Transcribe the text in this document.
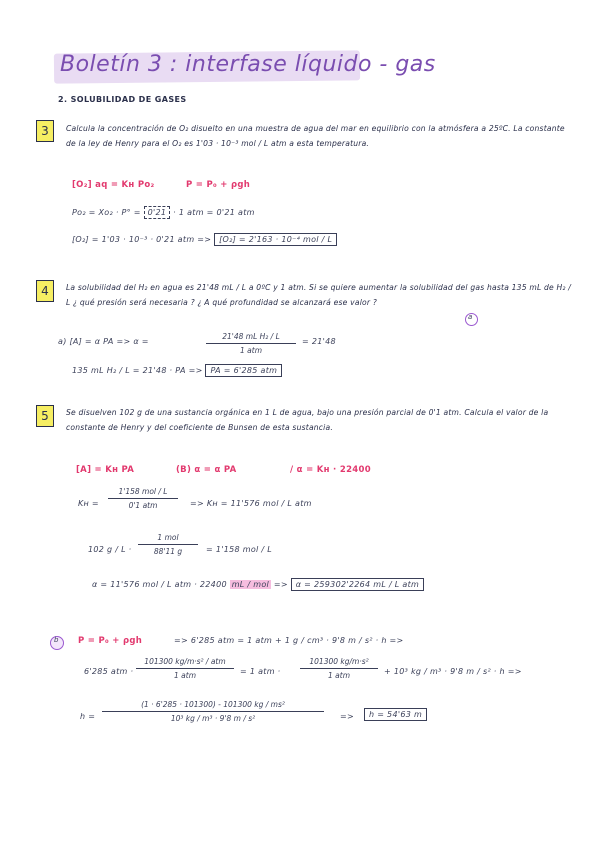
Boletín 3 : interfase líquido - gas
2. SOLUBILIDAD DE GASES
3	Calcula la concentración de O₂ disuelto en una muestra de agua del mar en equilibrio con la atmósfera a 25ºC. La constante de la ley de Henry para el O₂ es 1'03 · 10⁻³ mol / L atm a esta temperatura.
[O₂] aq = Kн Pо₂	P = P₀ + ρgh
Pо₂ = Xо₂ · P° = 0'21 · 1 atm = 0'21 atm
[O₂] = 1'03 · 10⁻³ · 0'21 atm => [O₂] = 2'163 · 10⁻⁴ mol / L
4	La solubilidad del H₂ en agua es 21'48 mL / L a 0ºC y 1 atm. Si se quiere aumentar la solubilidad del gas hasta 135 mL de H₂ / L ¿ qué presión será necesaria ? ¿ A qué profundidad se alcanzará ese valor ?
a
a) [A] = α PA => α =
21'48 mL H₂ / L
1 atm
= 21'48
135 mL H₂ / L = 21'48 · PA => PA = 6'285 atm
5	Se disuelven 102 g de una sustancia orgánica en 1 L de agua, bajo una presión parcial de 0'1 atm. Calcula el valor de la constante de Henry y del coeficiente de Bunsen de esta sustancia.
[A] = Kн PA	(B) α = α PA	/ α = Kн · 22400
Kн =
1'158 mol / L
0'1 atm	=> Kн = 11'576 mol / L atm
102 g / L ·
1 mol
88'11 g	= 1'158 mol / L
α = 11'576 mol / L atm · 22400 mL / mol => α = 259302'2264 mL / L atm
b P = P₀ + ρgh	=> 6'285 atm = 1 atm + 1 g / cm³ · 9'8 m / s² · h =>
6'285 atm ·
101300 kg/m·s² / atm
1 atm	= 1 atm ·
101300 kg/m·s²
1 atm	+ 10³ kg / m³ · 9'8 m / s² · h =>
h =
(1 · 6'285 · 101300) - 101300 kg / ms²
10³ kg / m³ · 9'8 m / s²	=>	h = 54'63 m
